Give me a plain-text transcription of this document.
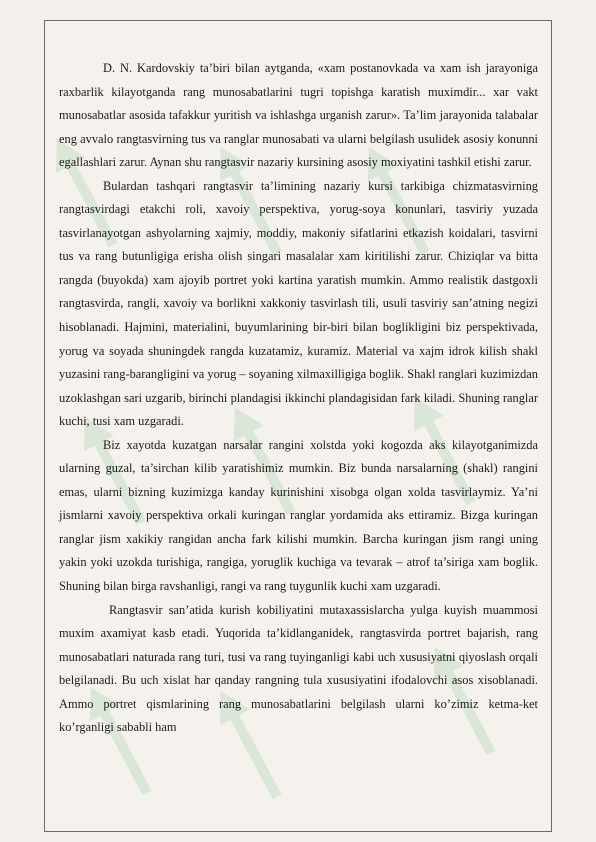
D. N. Kardovskiy ta’biri bilan aytganda, «xam postanovkada va xam ish jarayoniga raxbarlik kilayotganda rang munosabatlarini tugri topishga karatish muximdir... xar vakt munosabatlar asosida tafakkur yuritish va ishlashga urganish zarur». Ta’lim jarayonida talabalar eng avvalo rangtasvirning tus va ranglar munosabati va ularni belgilash usulidek asosiy konunni egallashlari zarur. Aynan shu rangtasvir nazariy kursining asosiy moxiyatini tashkil etishi zarur.

Bulardan tashqari rangtasvir ta’limining nazariy kursi tarkibiga chizmatasvirning rangtasvirdagi etakchi roli, xavoiy perspektiva, yorug-soya konunlari, tasviriy yuzada tasvirlanayotgan ashyolarning xajmiy, moddiy, makoniy sifatlarini etkazish koidalari, tasvirni tus va rang butunligiga erisha olish singari masalalar xam kiritilishi zarur. Chiziqlar va bitta rangda (buyokda) xam ajoyib portret yoki kartina yaratish mumkin. Ammo realistik dastgoxli rangtasvirda, rangli, xavoiy va borlikni xakkoniy tasvirlash tili, usuli tasviriy san’atning negizi hisoblanadi. Hajmini, materialini, buyumlarining bir-biri bilan boglikligini biz perspektivada, yorug va soyada shuningdek rangda kuzatamiz, kuramiz. Material va xajm idrok kilish shakl yuzasini rang-barangligini va yorug – soyaning xilmaxilligiga boglik. Shakl ranglari kuzimizdan uzoklashgan sari uzgarib, birinchi plandagisi ikkinchi plandagisidan fark kiladi. Shuning ranglar kuchi, tusi xam uzgaradi.

Biz xayotda kuzatgan narsalar rangini xolstda yoki kogozda aks kilayotganimizda ularning guzal, ta’sirchan kilib yaratishimiz mumkin. Biz bunda narsalarning (shakl) rangini emas, ularni bizning kuzimizga kanday kurinishini xisobga olgan xolda tasvirlaymiz. Ya’ni jismlarni xavoiy perspektiva orkali kuringan ranglar yordamida aks ettiramiz. Bizga kuringan ranglar jism xakikiy rangidan ancha fark kilishi mumkin. Barcha kuringan jism rangi uning yakin yoki uzokda turishiga, rangiga, yoruglik kuchiga va tevarak – atrof ta’siriga xam boglik. Shuning bilan birga ravshanligi, rangi va rang tuygunlik kuchi xam uzgaradi.

Rangtasvir san’atida kurish kobiliyatini mutaxassislarcha yulga kuyish muammosi muxim axamiyat kasb etadi. Yuqorida ta’kidlanganidek, rangtasvirda portret bajarish, rang munosabatlari naturada rang turi, tusi va rang tuyinganligi kabi uch xususiyatni qiyoslash orqali belgilanadi. Bu uch xislat har qanday rangning tula xususiyatini ifodalovchi asos xisoblanadi. Ammo portret qismlarining rang munosabatlarini belgilash ularni ko’zimiz ketma-ket ko’rganligi sababli ham
